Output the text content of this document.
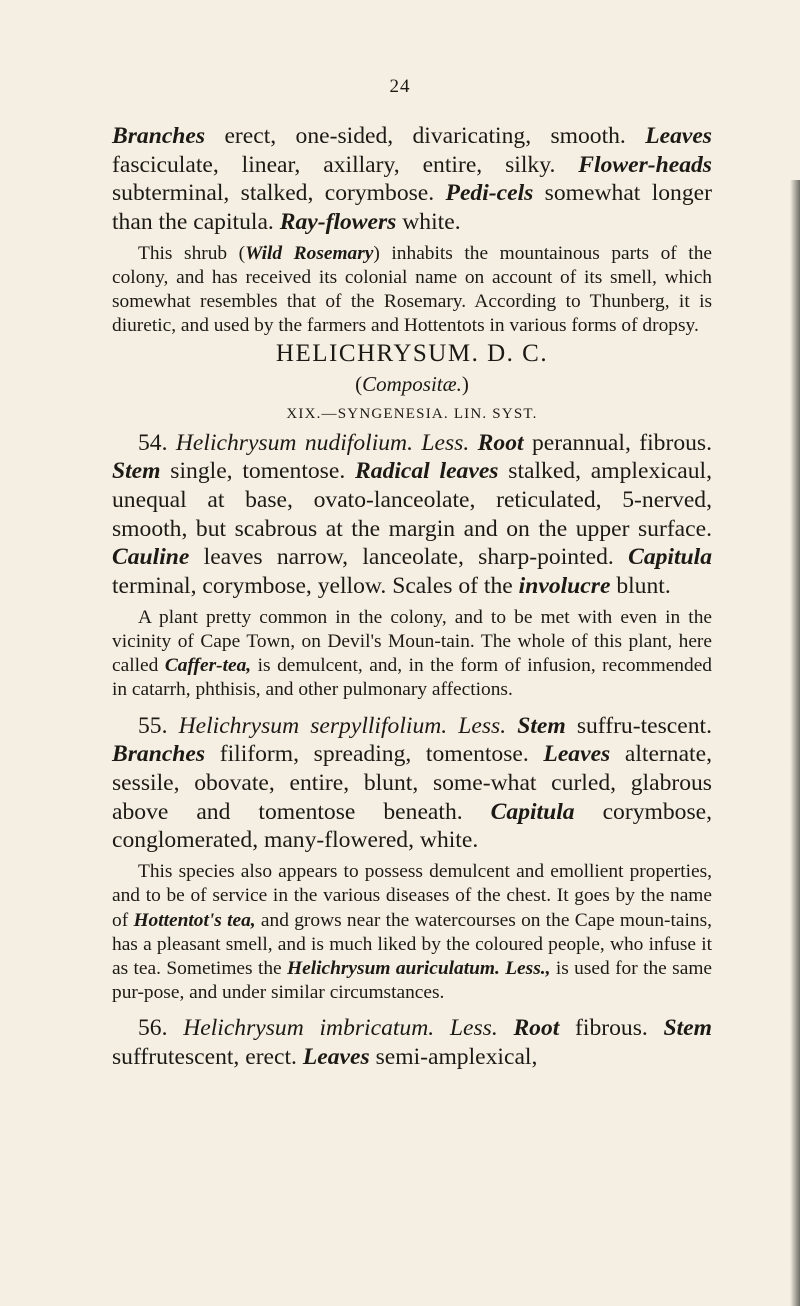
24

Branches erect, one-sided, divaricating, smooth. Leaves fasciculate, linear, axillary, entire, silky. Flower-heads subterminal, stalked, corymbose. Pedi-cels somewhat longer than the capitula. Ray-flowers white.

This shrub (Wild Rosemary) inhabits the mountainous parts of the colony, and has received its colonial name on account of its smell, which somewhat resembles that of the Rosemary. According to Thunberg, it is diuretic, and used by the farmers and Hottentots in various forms of dropsy.

HELICHRYSUM. D. C.

(Compositæ.)

XIX.—SYNGENESIA. LIN. SYST.

54. Helichrysum nudifolium. Less. Root perannual, fibrous. Stem single, tomentose. Radical leaves stalked, amplexicaul, unequal at base, ovato-lanceolate, reticulated, 5-nerved, smooth, but scabrous at the margin and on the upper surface. Cauline leaves narrow, lanceolate, sharp-pointed. Capitula terminal, corymbose, yellow. Scales of the involucre blunt.

A plant pretty common in the colony, and to be met with even in the vicinity of Cape Town, on Devil's Moun-tain. The whole of this plant, here called Caffer-tea, is demulcent, and, in the form of infusion, recommended in catarrh, phthisis, and other pulmonary affections.

55. Helichrysum serpyllifolium. Less. Stem suffru-tescent. Branches filiform, spreading, tomentose. Leaves alternate, sessile, obovate, entire, blunt, some-what curled, glabrous above and tomentose beneath. Capitula corymbose, conglomerated, many-flowered, white.

This species also appears to possess demulcent and emollient properties, and to be of service in the various diseases of the chest. It goes by the name of Hottentot's tea, and grows near the watercourses on the Cape moun-tains, has a pleasant smell, and is much liked by the coloured people, who infuse it as tea. Sometimes the Helichrysum auriculatum. Less., is used for the same pur-pose, and under similar circumstances.

56. Helichrysum imbricatum. Less. Root fibrous. Stem suffrutescent, erect. Leaves semi-amplexical,
